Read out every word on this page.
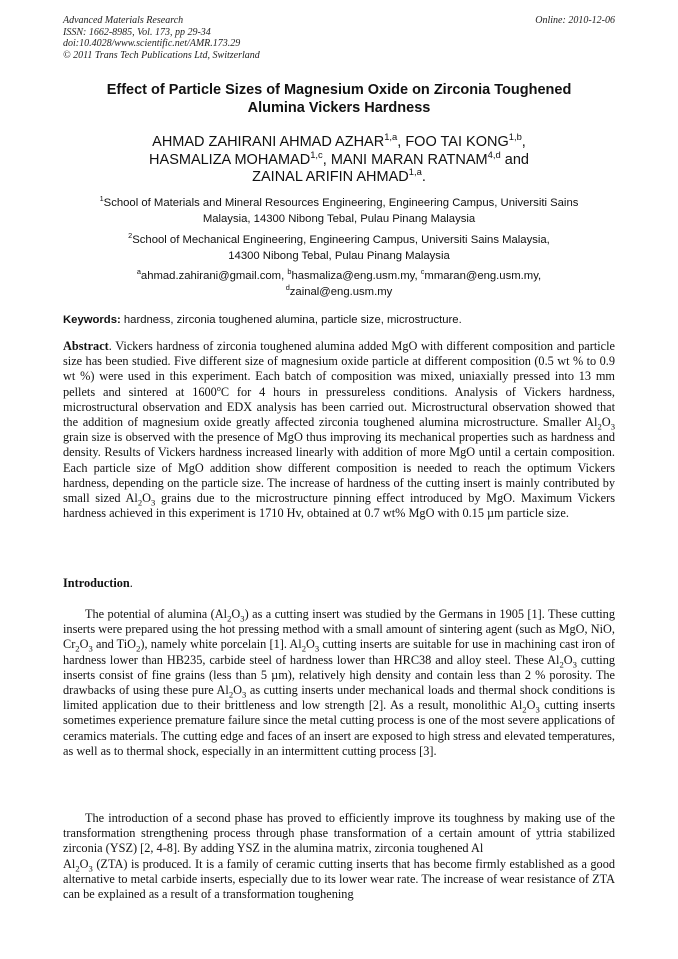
Advanced Materials Research
ISSN: 1662-8985, Vol. 173, pp 29-34
doi:10.4028/www.scientific.net/AMR.173.29
© 2011 Trans Tech Publications Ltd, Switzerland
Online: 2010-12-06
Effect of Particle Sizes of Magnesium Oxide on Zirconia Toughened
Alumina Vickers Hardness
AHMAD ZAHIRANI AHMAD AZHAR$^{1,a}$, FOO TAI KONG$^{1,b}$,
HASMALIZA MOHAMAD$^{1,c}$, MANI MARAN RATNAM$^{4,d}$ and
ZAINAL ARIFIN AHMAD$^{1,a}$.
$^1$School of Materials and Mineral Resources Engineering, Engineering Campus, Universiti Sains
Malaysia, 14300 Nibong Tebal, Pulau Pinang Malaysia
$^2$School of Mechanical Engineering, Engineering Campus, Universiti Sains Malaysia,
14300 Nibong Tebal, Pulau Pinang Malaysia
$^a$ahmad.zahirani@gmail.com, $^b$hasmaliza@eng.usm.my, $^c$mmaran@eng.usm.my,
$^d$zainal@eng.usm.my
Keywords: hardness, zirconia toughened alumina, particle size, microstructure.
Abstract. Vickers hardness of zirconia toughened alumina added MgO with different composition and particle size has been studied. Five different size of magnesium oxide particle at different composition (0.5 wt % to 0.9 wt %) were used in this experiment. Each batch of composition was mixed, uniaxially pressed into 13 mm pellets and sintered at 1600$^o$C for 4 hours in pressureless conditions. Analysis of Vickers hardness, microstructural observation and EDX analysis has been carried out. Microstructural observation showed that the addition of magnesium oxide greatly affected zirconia toughened alumina microstructure. Smaller $Al_2O_3$ grain size is observed with the presence of MgO thus improving its mechanical properties such as hardness and density. Results of Vickers hardness increased linearly with addition of more MgO until a certain composition. Each particle size of MgO addition show different composition is needed to reach the optimum Vickers hardness, depending on the particle size. The increase of hardness of the cutting insert is mainly contributed by small sized $Al_2O_3$ grains due to the microstructure pinning effect introduced by MgO. Maximum Vickers hardness achieved in this experiment is 1710 Hv, obtained at 0.7 wt% MgO with 0.15 µm particle size.
Introduction.
The potential of alumina $(Al_2O_3)$ as a cutting insert was studied by the Germans in 1905 [1]. These cutting inserts were prepared using the hot pressing method with a small amount of sintering agent (such as MgO, NiO, $Cr_2O_3$ and TiO$_2$), namely white porcelain [1]. $Al_2O_3$ cutting inserts are suitable for use in machining cast iron of hardness lower than HB235, carbide steel of hardness lower than HRC38 and alloy steel. These $Al_2O_3$ cutting inserts consist of fine grains (less than 5 µm), relatively high density and contain less than 2 % porosity. The drawbacks of using these pure $Al_2O_3$ as cutting inserts under mechanical loads and thermal shock conditions is limited application due to their brittleness and low strength [2]. As a result, monolithic $Al_2O_3$ cutting inserts sometimes experience premature failure since the metal cutting process is one of the most severe applications of ceramics materials. The cutting edge and faces of an insert are exposed to high stress and elevated temperatures, as well as to thermal shock, especially in an intermittent cutting process [3].
The introduction of a second phase has proved to efficiently improve its toughness by making use of the transformation strengthening process through phase transformation of a certain amount of yttria stabilized zirconia (YSZ) [2, 4-8]. By adding YSZ in the alumina matrix, zirconia toughened Al
$Al_2O_3$ (ZTA) is produced. It is a family of ceramic cutting inserts that has become firmly established as a good alternative to metal carbide inserts, especially due to its lower wear rate. The increase of wear resistance of ZTA can be explained as a result of a transformation toughening
